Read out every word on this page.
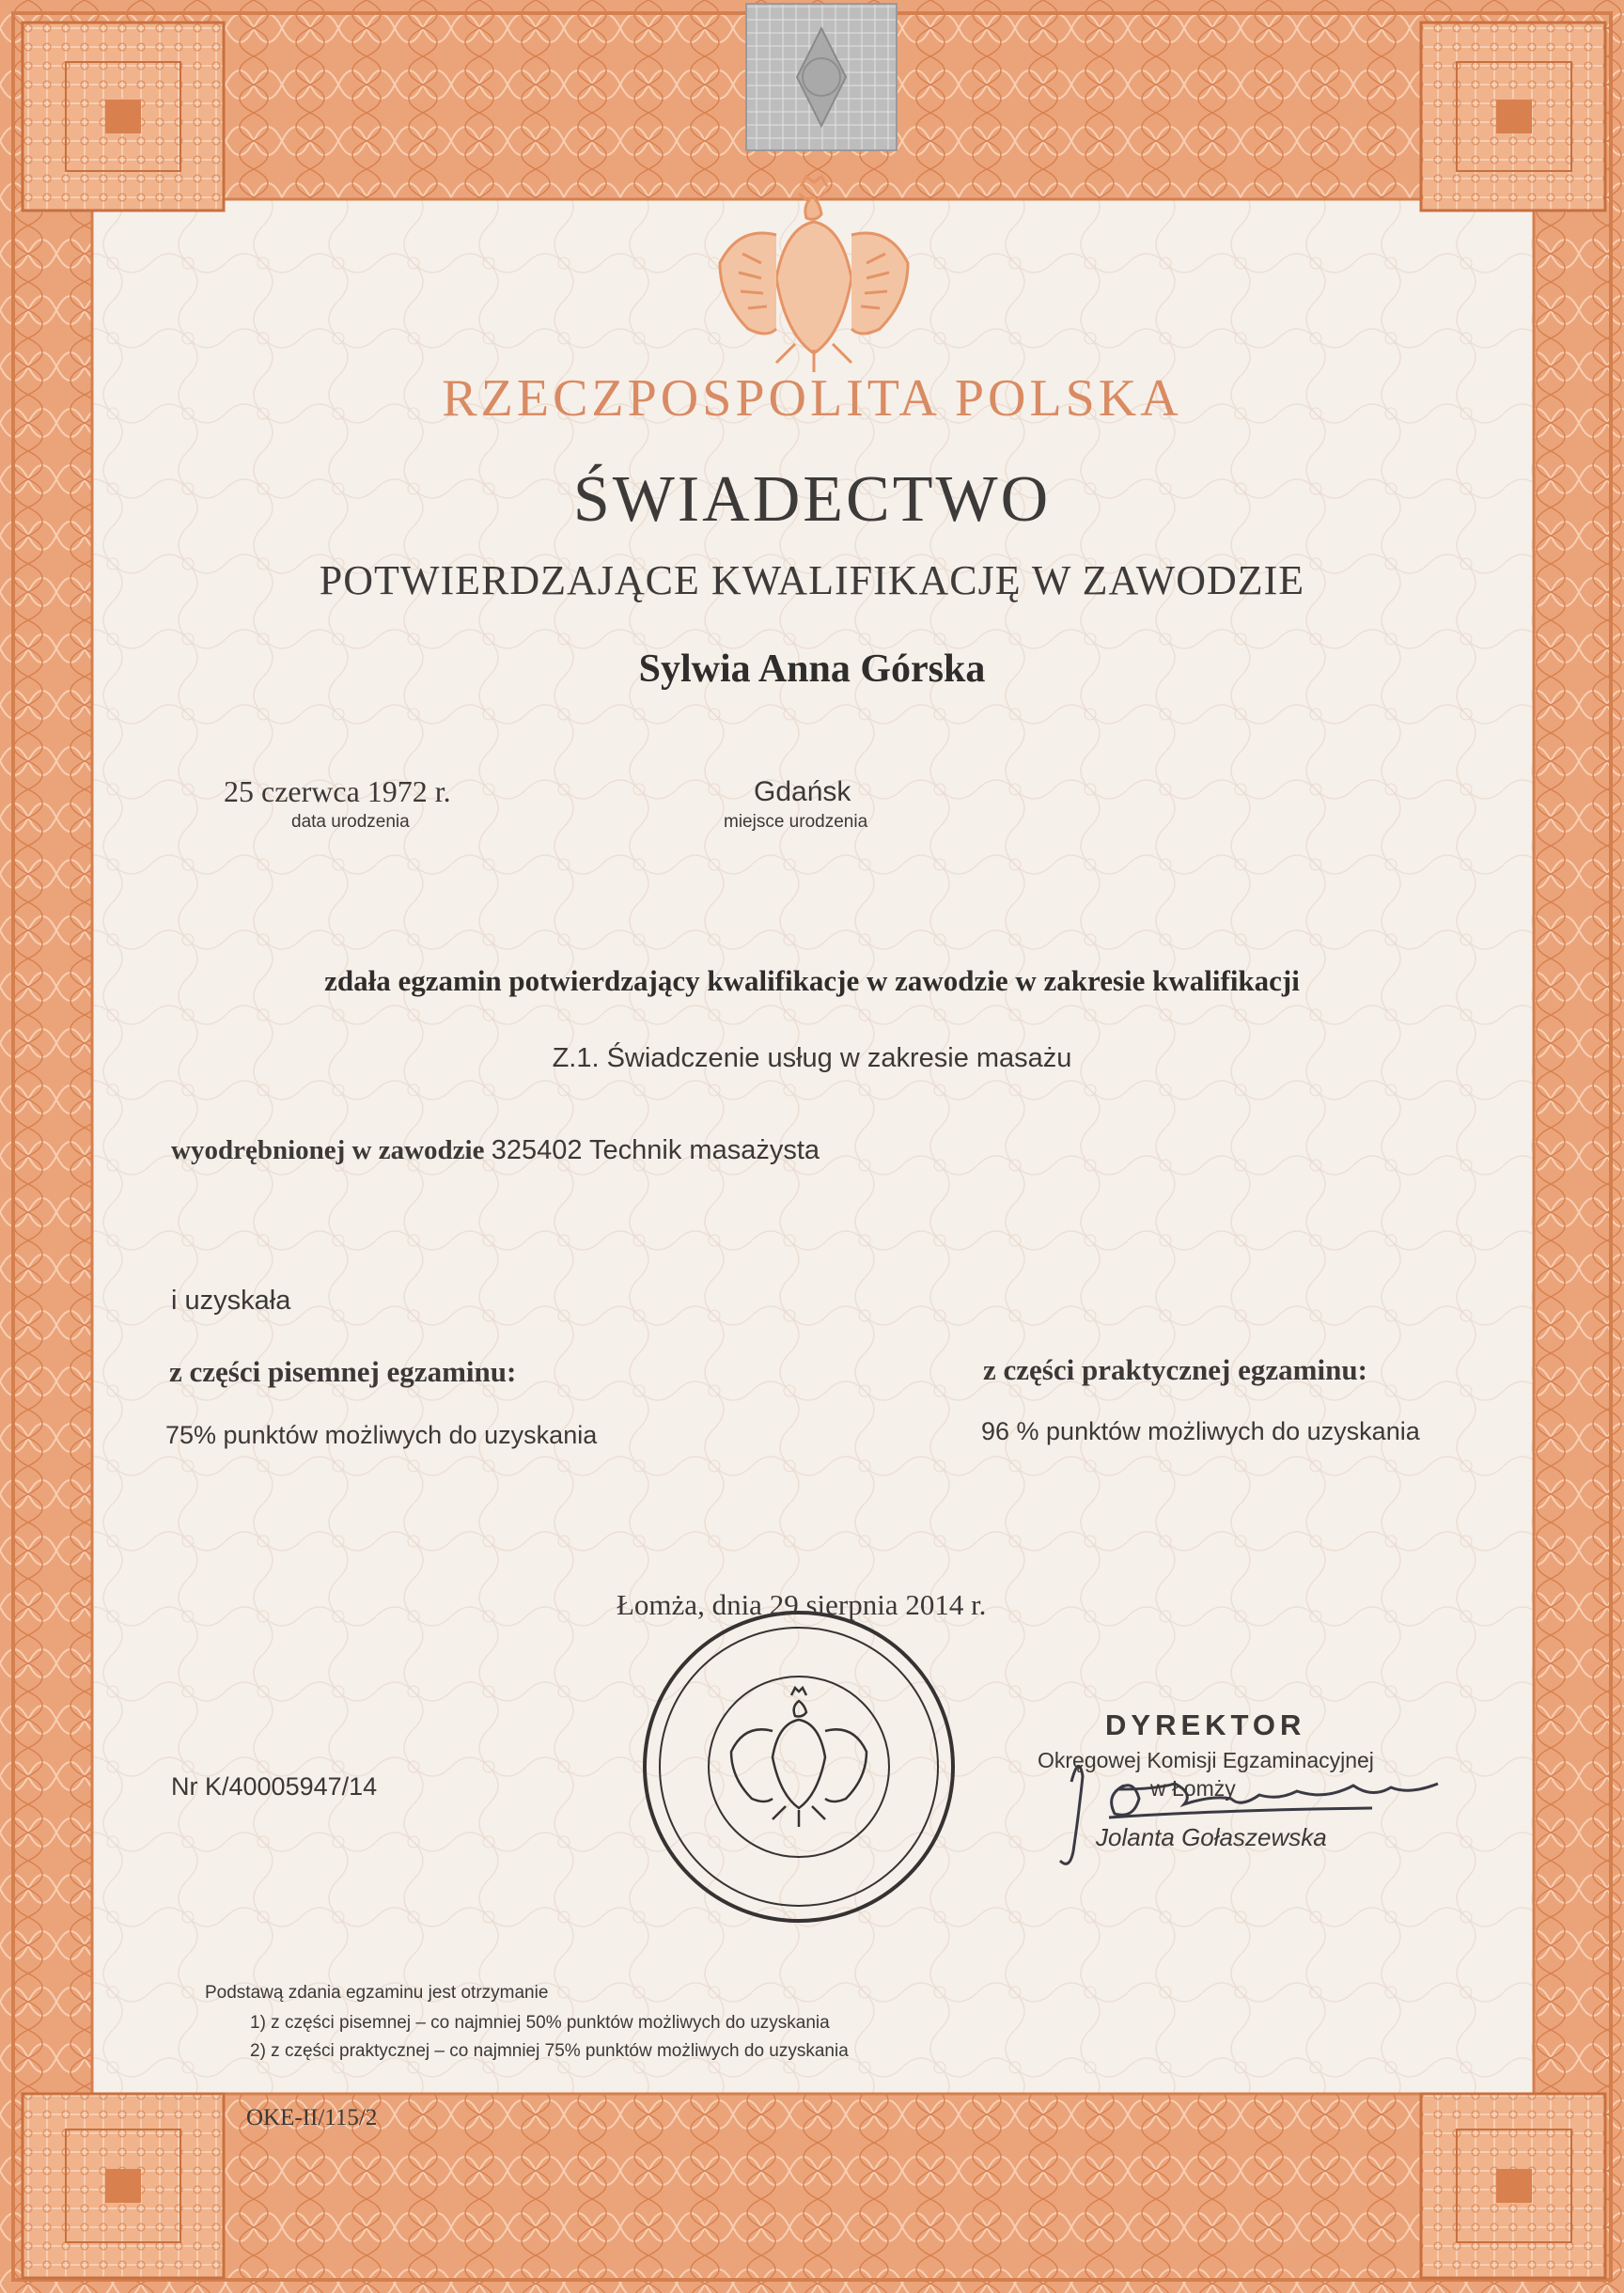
RZECZPOSPOLITA POLSKA
ŚWIADECTWO
POTWIERDZAJĄCE KWALIFIKACJĘ W ZAWODZIE
Sylwia Anna Górska
25 czerwca 1972 r.
data urodzenia
Gdańsk
miejsce urodzenia
zdała egzamin potwierdzający kwalifikacje w zawodzie w zakresie kwalifikacji
Z.1. Świadczenie usług w zakresie masażu
wyodrębnionej w zawodzie 325402 Technik masażysta
i uzyskała
z części pisemnej egzaminu:	z części praktycznej egzaminu:
75% punktów możliwych do uzyskania	96 % punktów możliwych do uzyskania
Łomża, dnia 29 sierpnia 2014 r.
Nr K/40005947/14
DYREKTOR
Okręgowej Komisji Egzaminacyjnej
w Łomży
Jolanta Gołaszewska
Podstawą zdania egzaminu jest otrzymanie
1) z części pisemnej – co najmniej 50% punktów możliwych do uzyskania
2) z części praktycznej – co najmniej 75% punktów możliwych do uzyskania
OKE-II/115/2
